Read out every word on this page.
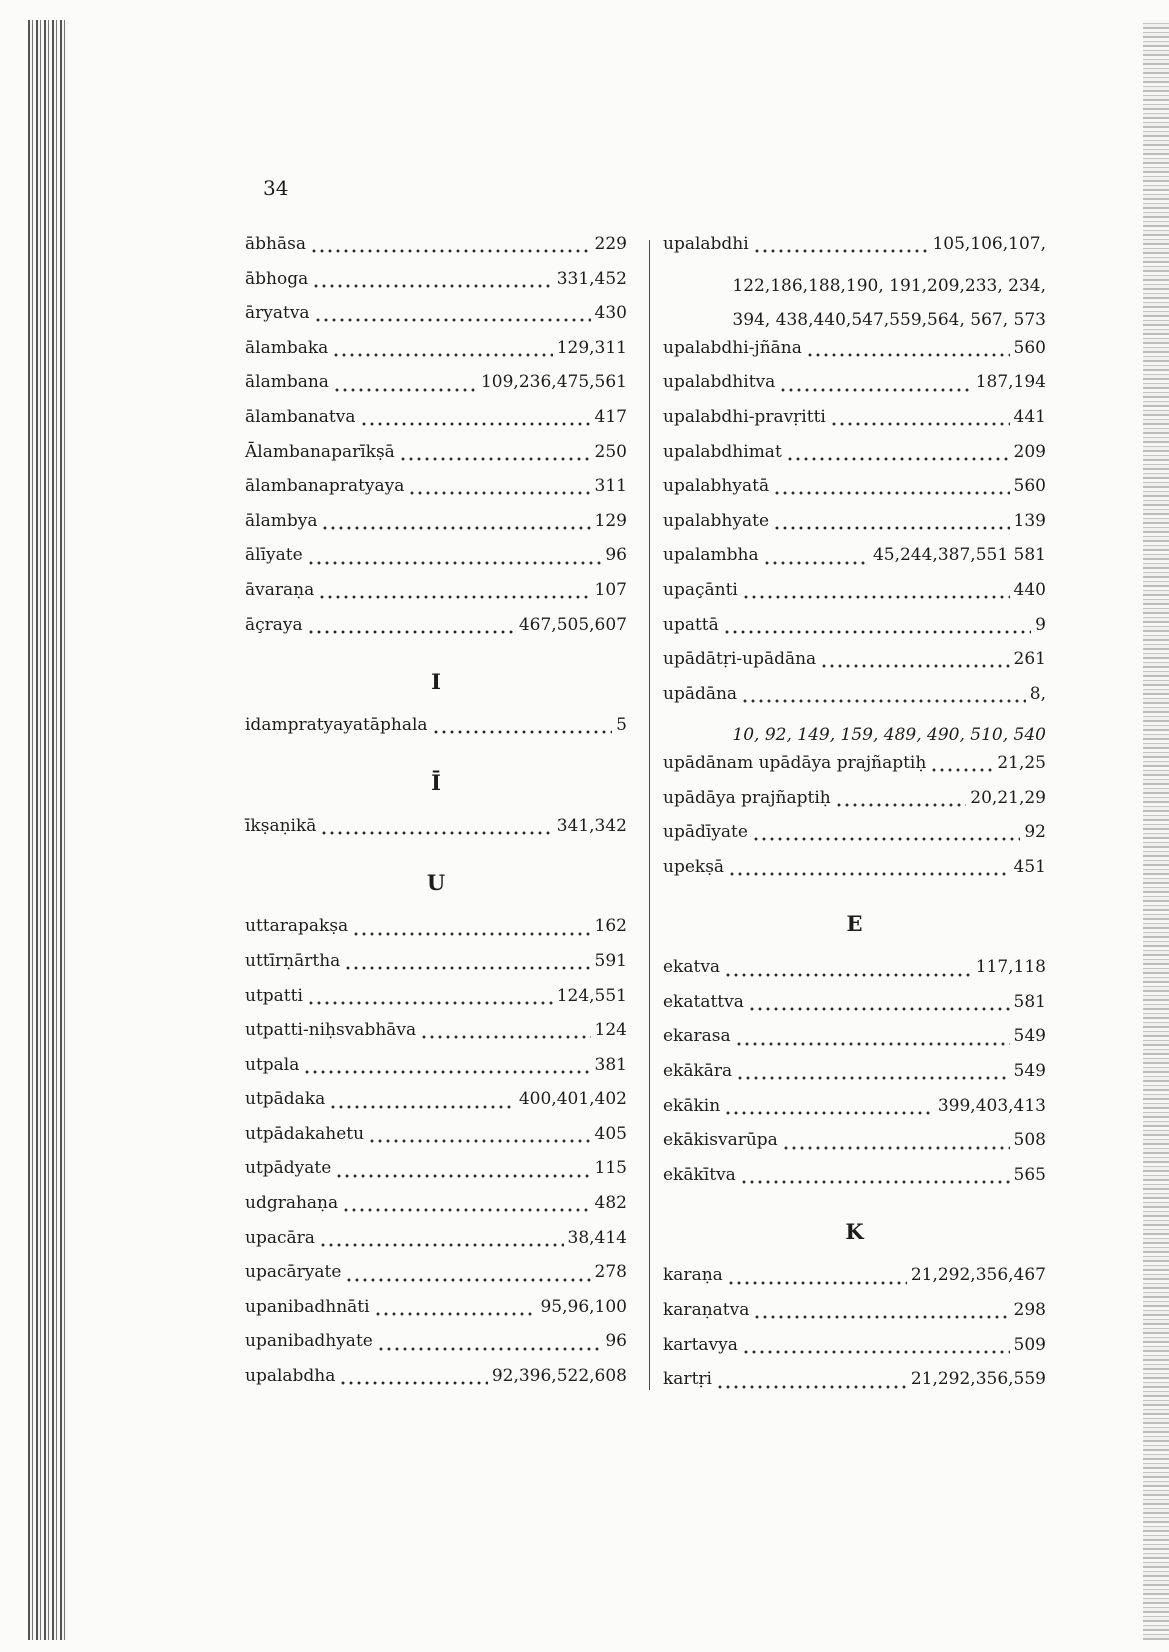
34
ābhāsa	229
ābhoga	331,452
āryatva	430
ālambaka	129,311
ālambana	109,236,475,561
ālambanatva	417
Ālambanaparīkṣā	250
ālambanapratyaya	311
ālambya	129
ālīyate	96
āvaraṇa	107
āçraya	467,505,607
I
idampratyayatāphala	5
Ī
īkṣaṇikā	341,342
U
uttarapakṣa	162
uttīrṇārtha	591
utpatti	124,551
utpatti-niḥsvabhāva	124
utpala	381
utpādaka	400,401,402
utpādakahetu	405
utpādyate	115
udgrahaṇa	482
upacāra	38,414
upacāryate	278
upanibadhnāti	95,96,100
upanibadhyate	96
upalabdha	92,396,522,608
upalabdhi	105,106,107,
122,186,188,190, 191,209,233, 234,
394, 438,440,547,559,564, 567, 573
upalabdhi-jñāna	560
upalabdhitva	187,194
upalabdhi-pravṛitti	441
upalabdhimat	209
upalabhyatā	560
upalabhyate	139
upalambha	45,244,387,551 581
upaçānti	440
upattā	9
upādātṛi-upādāna	261
upādāna	8,
10, 92, 149, 159, 489, 490, 510, 540
upādānam upādāya prajñaptiḥ	21,25
upādāya prajñaptiḥ	20,21,29
upādīyate	92
upekṣā	451
E
ekatva	117,118
ekatattva	581
ekarasa	549
ekākāra	549
ekākin	399,403,413
ekākisvarūpa	508
ekākītva	565
K
karaṇa	21,292,356,467
karaṇatva	298
kartavya	509
kartṛi	21,292,356,559
